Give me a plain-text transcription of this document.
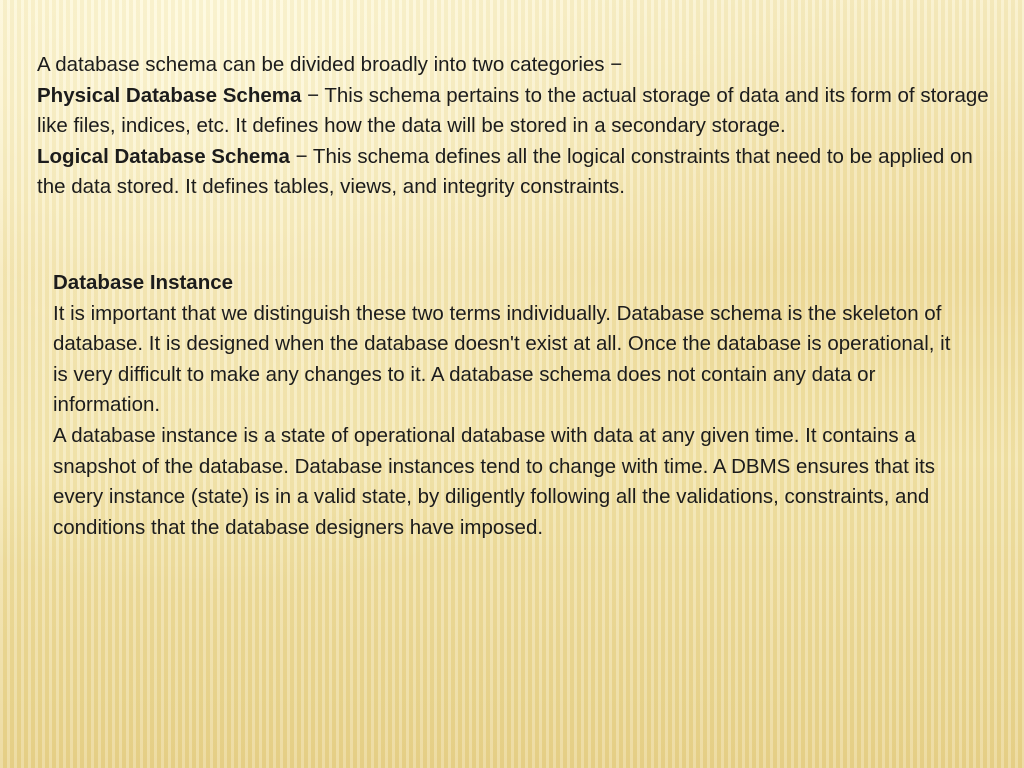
A database schema can be divided broadly into two categories −

Physical Database Schema − This schema pertains to the actual storage of data and its form of storage like files, indices, etc. It defines how the data will be stored in a secondary storage.

Logical Database Schema − This schema defines all the logical constraints that need to be applied on the data stored. It defines tables, views, and integrity constraints.

Database Instance

It is important that we distinguish these two terms individually. Database schema is the skeleton of database. It is designed when the database doesn't exist at all. Once the database is operational, it is very difficult to make any changes to it. A database schema does not contain any data or information.

A database instance is a state of operational database with data at any given time. It contains a snapshot of the database. Database instances tend to change with time. A DBMS ensures that its every instance (state) is in a valid state, by diligently following all the validations, constraints, and conditions that the database designers have imposed.
